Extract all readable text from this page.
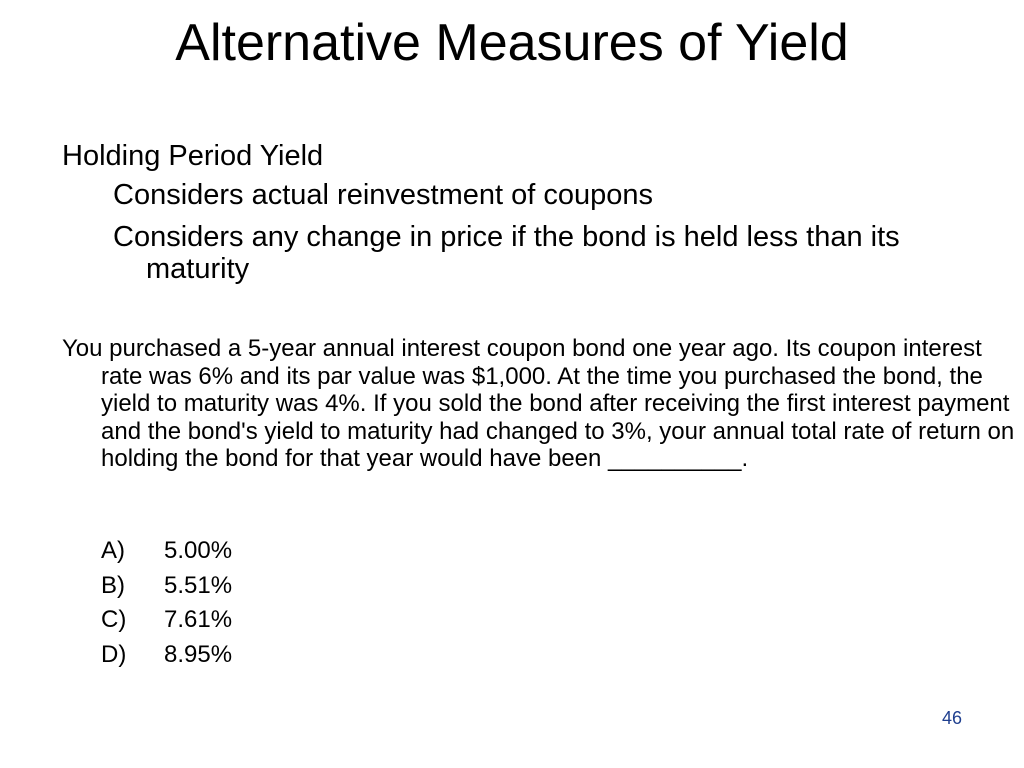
Alternative Measures of Yield
Holding Period Yield
Considers actual reinvestment of coupons
Considers any change in price if the bond is held less than its maturity

You purchased a 5-year annual interest coupon bond one year ago. Its coupon interest rate was 6% and its par value was $1,000. At the time you purchased the bond, the yield to maturity was 4%. If you sold the bond after receiving the first interest payment and the bond's yield to maturity had changed to 3%, your annual total rate of return on holding the bond for that year would have been __________.

A) 5.00%
B) 5.51%
C) 7.61%
D) 8.95%
46
